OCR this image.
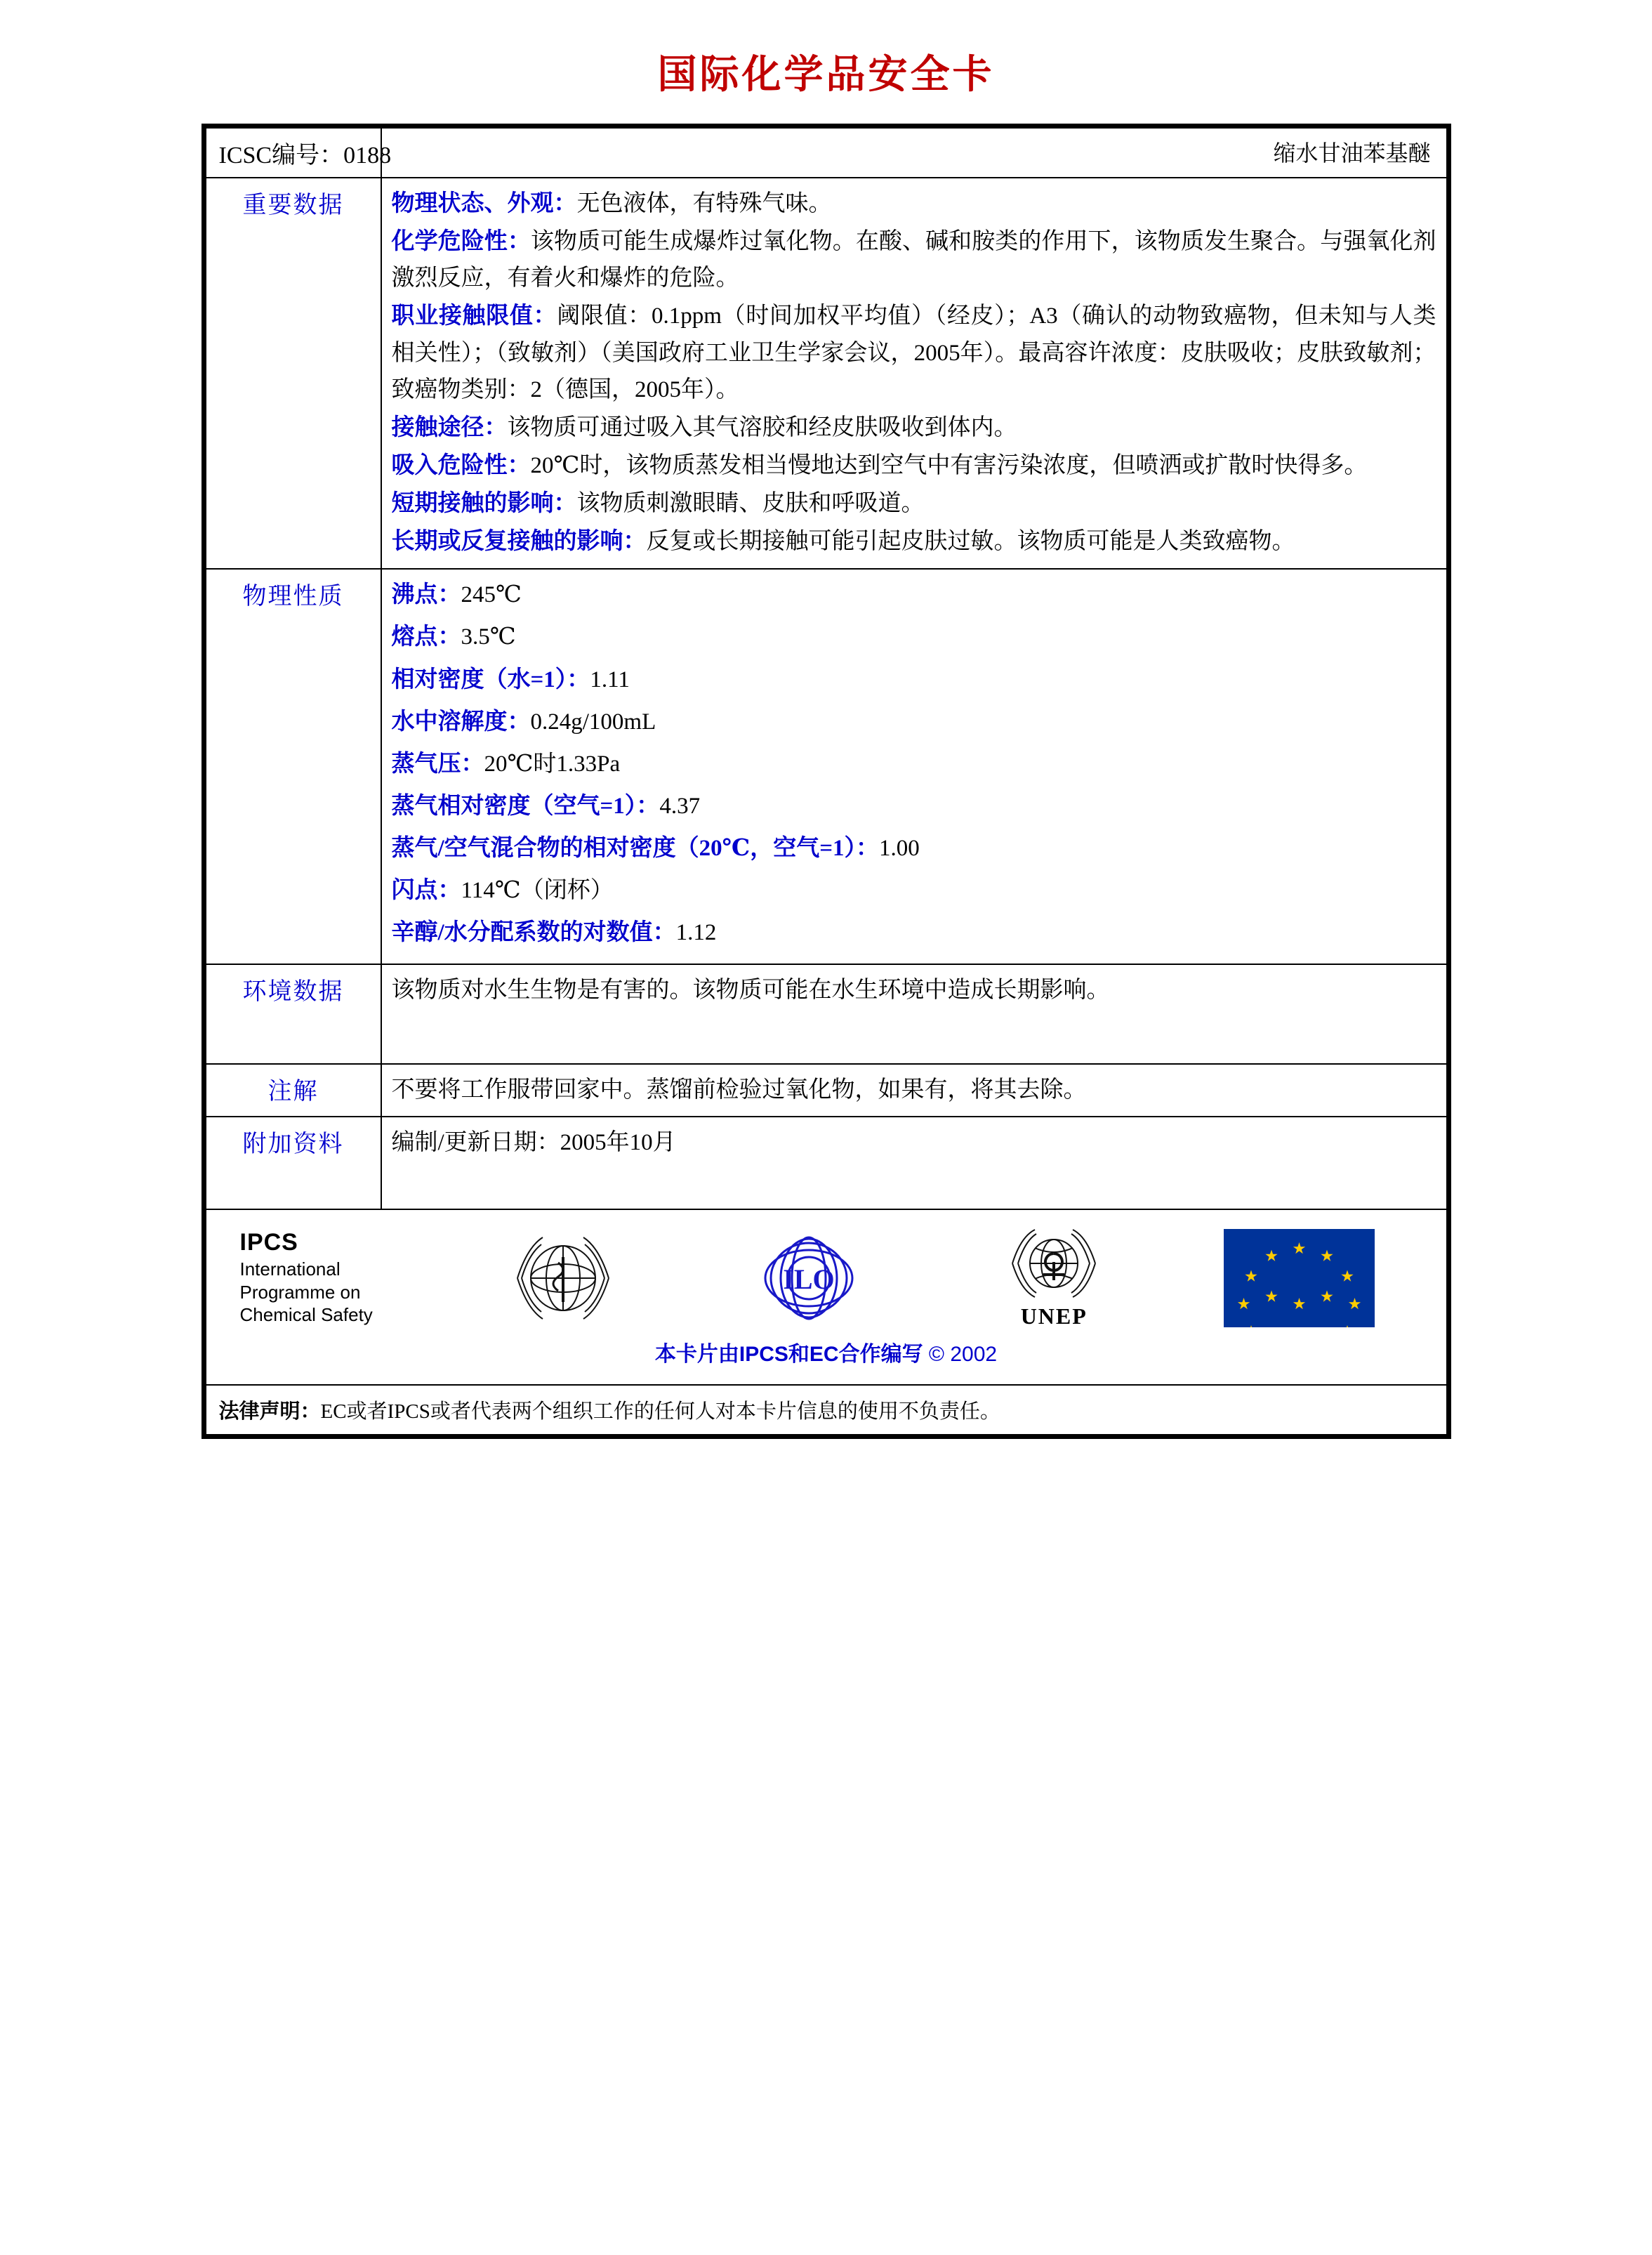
国际化学品安全卡
ICSC编号：0188	缩水甘油苯基醚
重要数据	物理状态、外观：无色液体，有特殊气味。

化学危险性：该物质可能生成爆炸过氧化物。在酸、碱和胺类的作用下，该物质发生聚合。与强氧化剂激烈反应，有着火和爆炸的危险。

职业接触限值：阈限值：0.1ppm（时间加权平均值）（经皮）；A3（确认的动物致癌物，但未知与人类相关性）；（致敏剂）（美国政府工业卫生学家会议，2005年）。最高容许浓度：皮肤吸收；皮肤致敏剂；致癌物类别：2（德国，2005年）。

接触途径：该物质可通过吸入其气溶胶和经皮肤吸收到体内。

吸入危险性：20℃时，该物质蒸发相当慢地达到空气中有害污染浓度，但喷洒或扩散时快得多。

短期接触的影响：该物质刺激眼睛、皮肤和呼吸道。

长期或反复接触的影响：反复或长期接触可能引起皮肤过敏。该物质可能是人类致癌物。

物理性质	沸点：245℃

熔点：3.5℃

相对密度（水=1）：1.11

水中溶解度：0.24g/100mL

蒸气压：20℃时1.33Pa

蒸气相对密度（空气=1）：4.37

蒸气/空气混合物的相对密度（20℃，空气=1）：1.00

闪点：114℃（闭杯）

辛醇/水分配系数的对数值：1.12

环境数据	该物质对水生生物是有害的。该物质可能在水生环境中造成长期影响。
注解	不要将工作服带回家中。蒸馏前检验过氧化物，如果有，将其去除。
附加资料	编制/更新日期：2005年10月

IPCS
International
Programme on
Chemical Safety
ILO
UNEP
本卡片由IPCS和EC合作编写 © 2002

法律声明：EC或者IPCS或者代表两个组织工作的任何人对本卡片信息的使用不负责任。	
